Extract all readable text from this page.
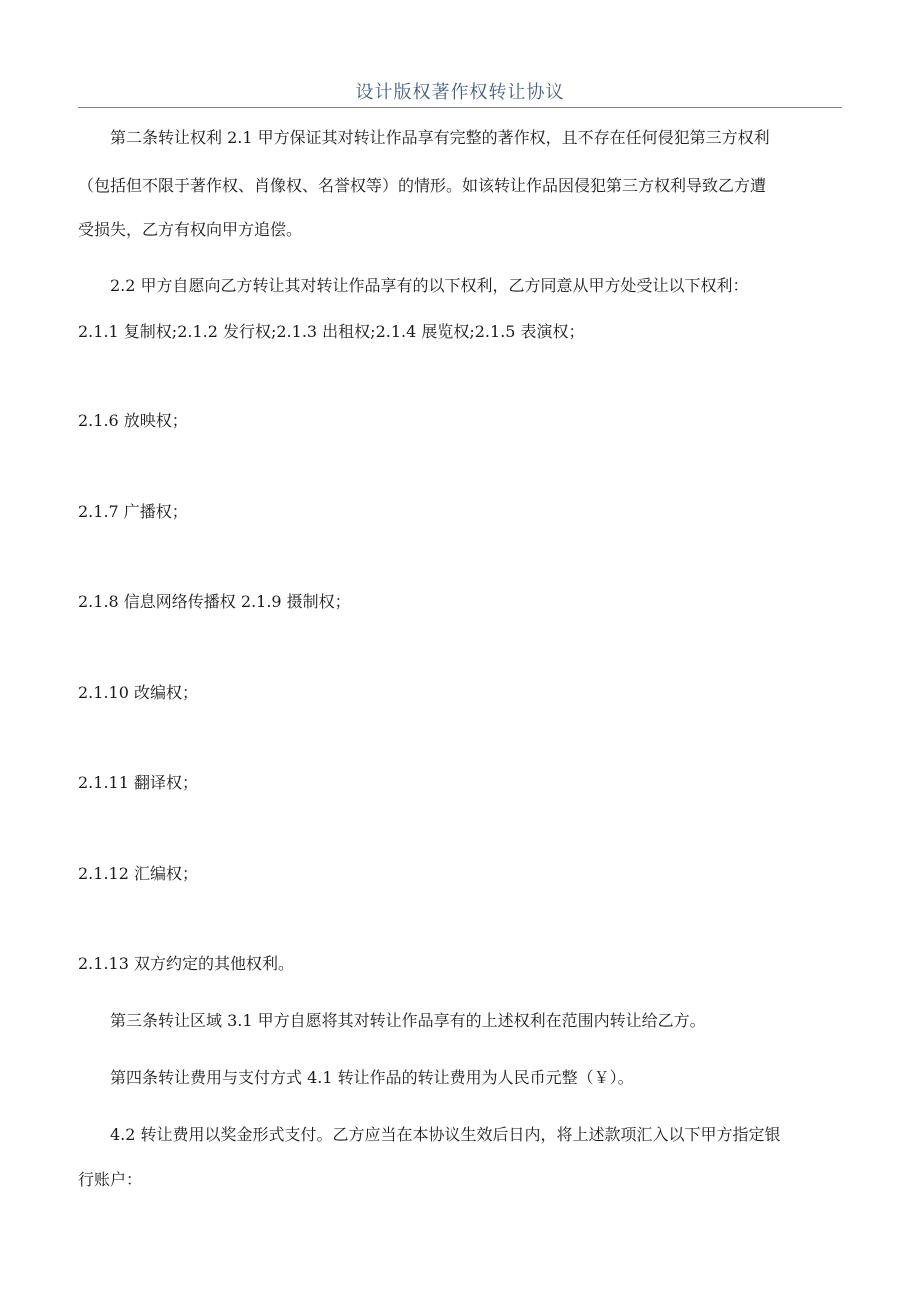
设计版权著作权转让协议
第二条转让权利 2.1 甲方保证其对转让作品享有完整的著作权，且不存在任何侵犯第三方权利
（包括但不限于著作权、肖像权、名誉权等）的情形。如该转让作品因侵犯第三方权利导致乙方遭
受损失，乙方有权向甲方追偿。
2.2 甲方自愿向乙方转让其对转让作品享有的以下权利，乙方同意从甲方处受让以下权利：
2.1.1 复制权;2.1.2 发行权;2.1.3 出租权;2.1.4 展览权;2.1.5 表演权；
2.1.6 放映权；
2.1.7 广播权；
2.1.8 信息网络传播权 2.1.9 摄制权；
2.1.10 改编权；
2.1.11 翻译权；
2.1.12 汇编权；
2.1.13 双方约定的其他权利。
第三条转让区域 3.1 甲方自愿将其对转让作品享有的上述权利在范围内转让给乙方。
第四条转让费用与支付方式 4.1 转让作品的转让费用为人民币元整（￥）。
4.2 转让费用以奖金形式支付。乙方应当在本协议生效后日内，将上述款项汇入以下甲方指定银
行账户：
